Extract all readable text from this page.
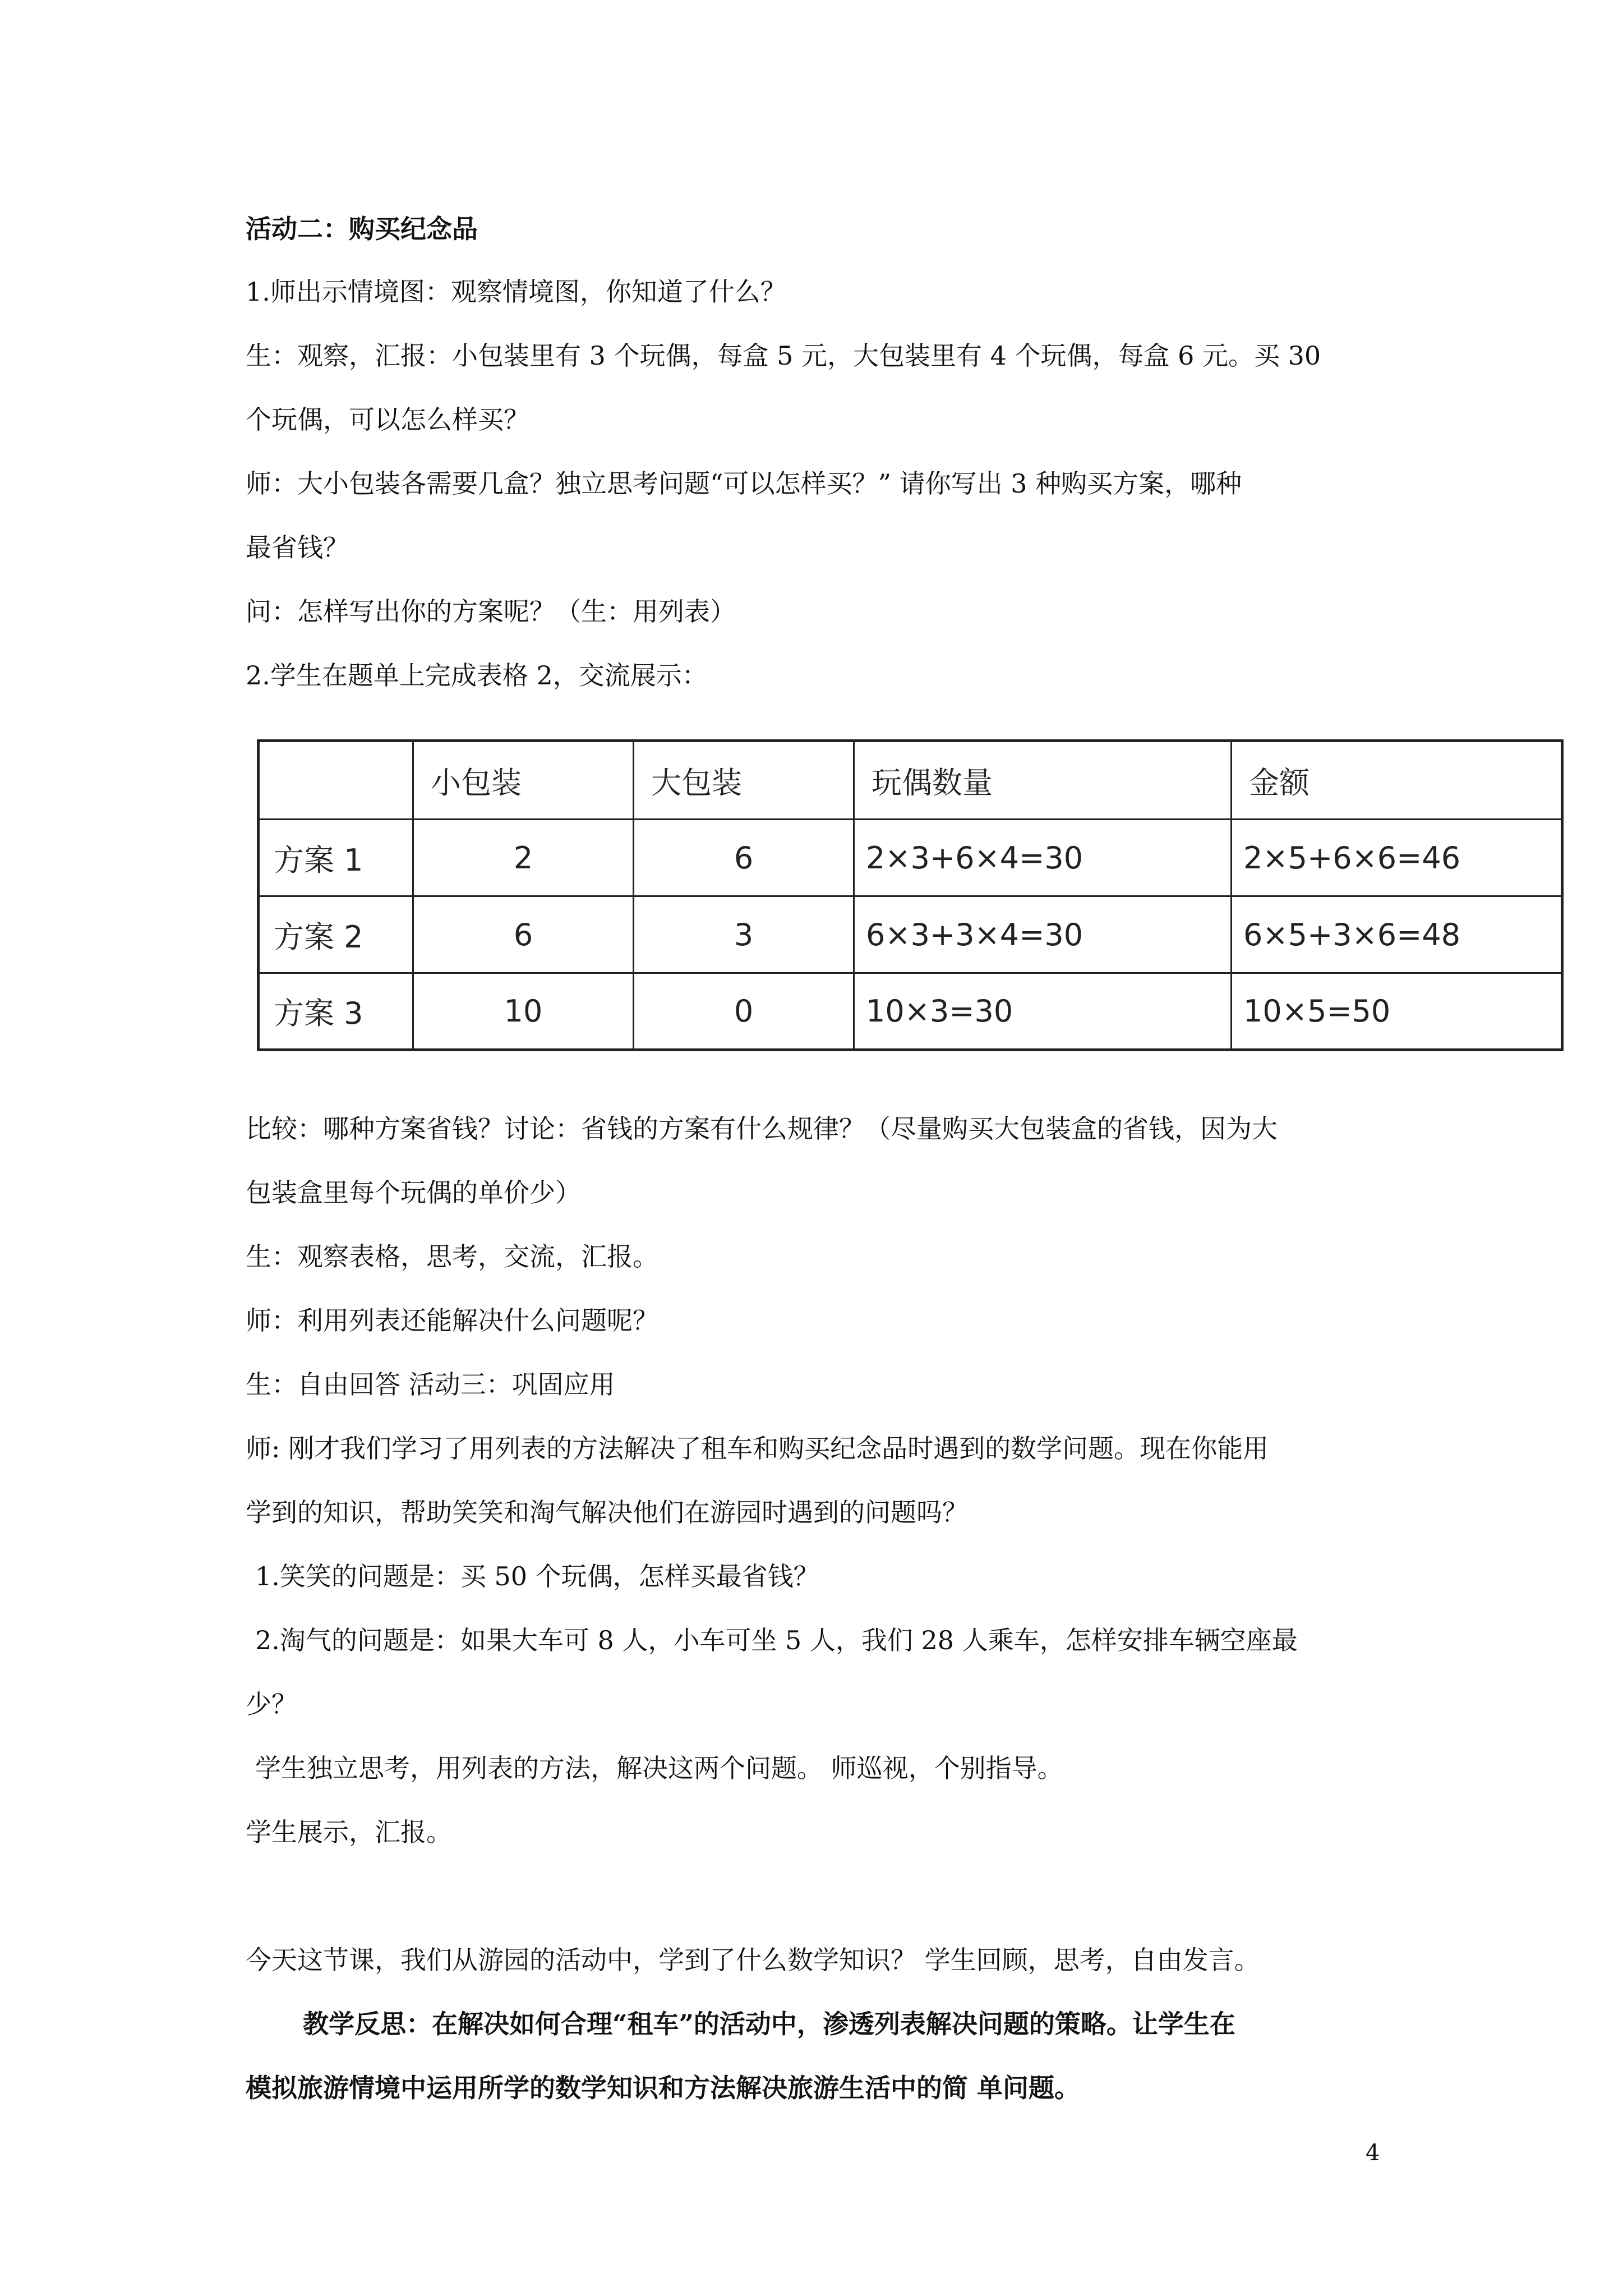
活动二：购买纪念品
1.师出示情境图：观察情境图，你知道了什么？
生：观察，汇报：小包装里有 3 个玩偶，每盒 5 元，大包装里有 4 个玩偶，每盒 6 元。买 30
个玩偶，可以怎么样买？
师：大小包装各需要几盒？独立思考问题“可以怎样买？” 请你写出 3 种购买方案，哪种
最省钱？
问：怎样写出你的方案呢？（生：用列表）
2.学生在题单上完成表格 2，交流展示：
	小包装	大包装	玩偶数量	金额
方案 1	2	6	2×3+6×4=30	2×5+6×6=46
方案 2	6	3	6×3+3×4=30	6×5+3×6=48
方案 3	10	0	10×3=30	10×5=50
比较：哪种方案省钱？讨论：省钱的方案有什么规律？（尽量购买大包装盒的省钱，因为大
包装盒里每个玩偶的单价少）
生：观察表格，思考，交流，汇报。
师：利用列表还能解决什么问题呢？
生：自由回答 活动三：巩固应用
师: 刚才我们学习了用列表的方法解决了租车和购买纪念品时遇到的数学问题。现在你能用
学到的知识，帮助笑笑和淘气解决他们在游园时遇到的问题吗？
1.笑笑的问题是：买 50 个玩偶，怎样买最省钱？
2.淘气的问题是：如果大车可 8 人，小车可坐 5 人，我们 28 人乘车，怎样安排车辆空座最
少？
学生独立思考，用列表的方法，解决这两个问题。 师巡视，个别指导。
学生展示，汇报。
今天这节课，我们从游园的活动中，学到了什么数学知识？ 学生回顾，思考，自由发言。
教学反思：在解决如何合理“租车”的活动中，渗透列表解决问题的策略。让学生在
模拟旅游情境中运用所学的数学知识和方法解决旅游生活中的简 单问题。
4
